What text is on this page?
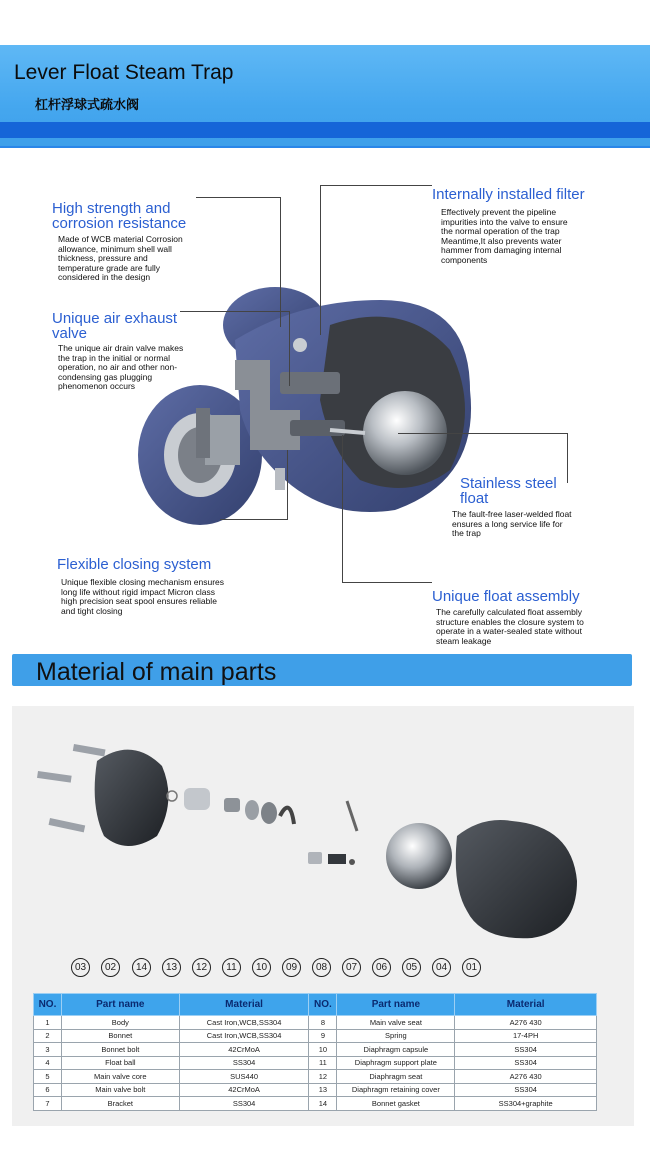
Lever Float Steam Trap
杠杆浮球式疏水阀
High strength and corrosion resistance
Made of WCB material Corrosion allowance, minimum shell wall thickness, pressure and temperature grade are fully considered in the design
Unique air exhaust valve
The unique air drain valve makes the trap in the initial or normal operation, no air and other non-condensing gas plugging phenomenon occurs
Flexible closing system
Unique flexible closing mechanism ensures long life without rigid impact Micron class high precision seat spool ensures reliable and tight closing
Internally installed filter
Effectively prevent the pipeline impurities into the valve to ensure the normal operation of the trap Meantime,It also prevents water hammer from damaging internal components
Stainless steel float
The fault-free laser-welded float ensures a long service life for the trap
Unique float assembly
The carefully calculated float assembly structure enables the closure system to operate in a water-sealed state without steam leakage
Material of main parts
03	02	14	13	12	11	10	09	08	07	06	05	04	01
NO.	Part name	Material	NO.	Part name	Material
1	Body	Cast Iron,WCB,SS304	8	Main valve seat	A276 430
2	Bonnet	Cast Iron,WCB,SS304	9	Spring	17-4PH
3	Bonnet bolt	42CrMoA	10	Diaphragm capsule	SS304
4	Float ball	SS304	11	Diaphragm support plate	SS304
5	Main valve core	SUS440	12	Diaphragm seat	A276 430
6	Main valve bolt	42CrMoA	13	Diaphragm retaining cover	SS304
7	Bracket	SS304	14	Bonnet gasket	SS304+graphite
